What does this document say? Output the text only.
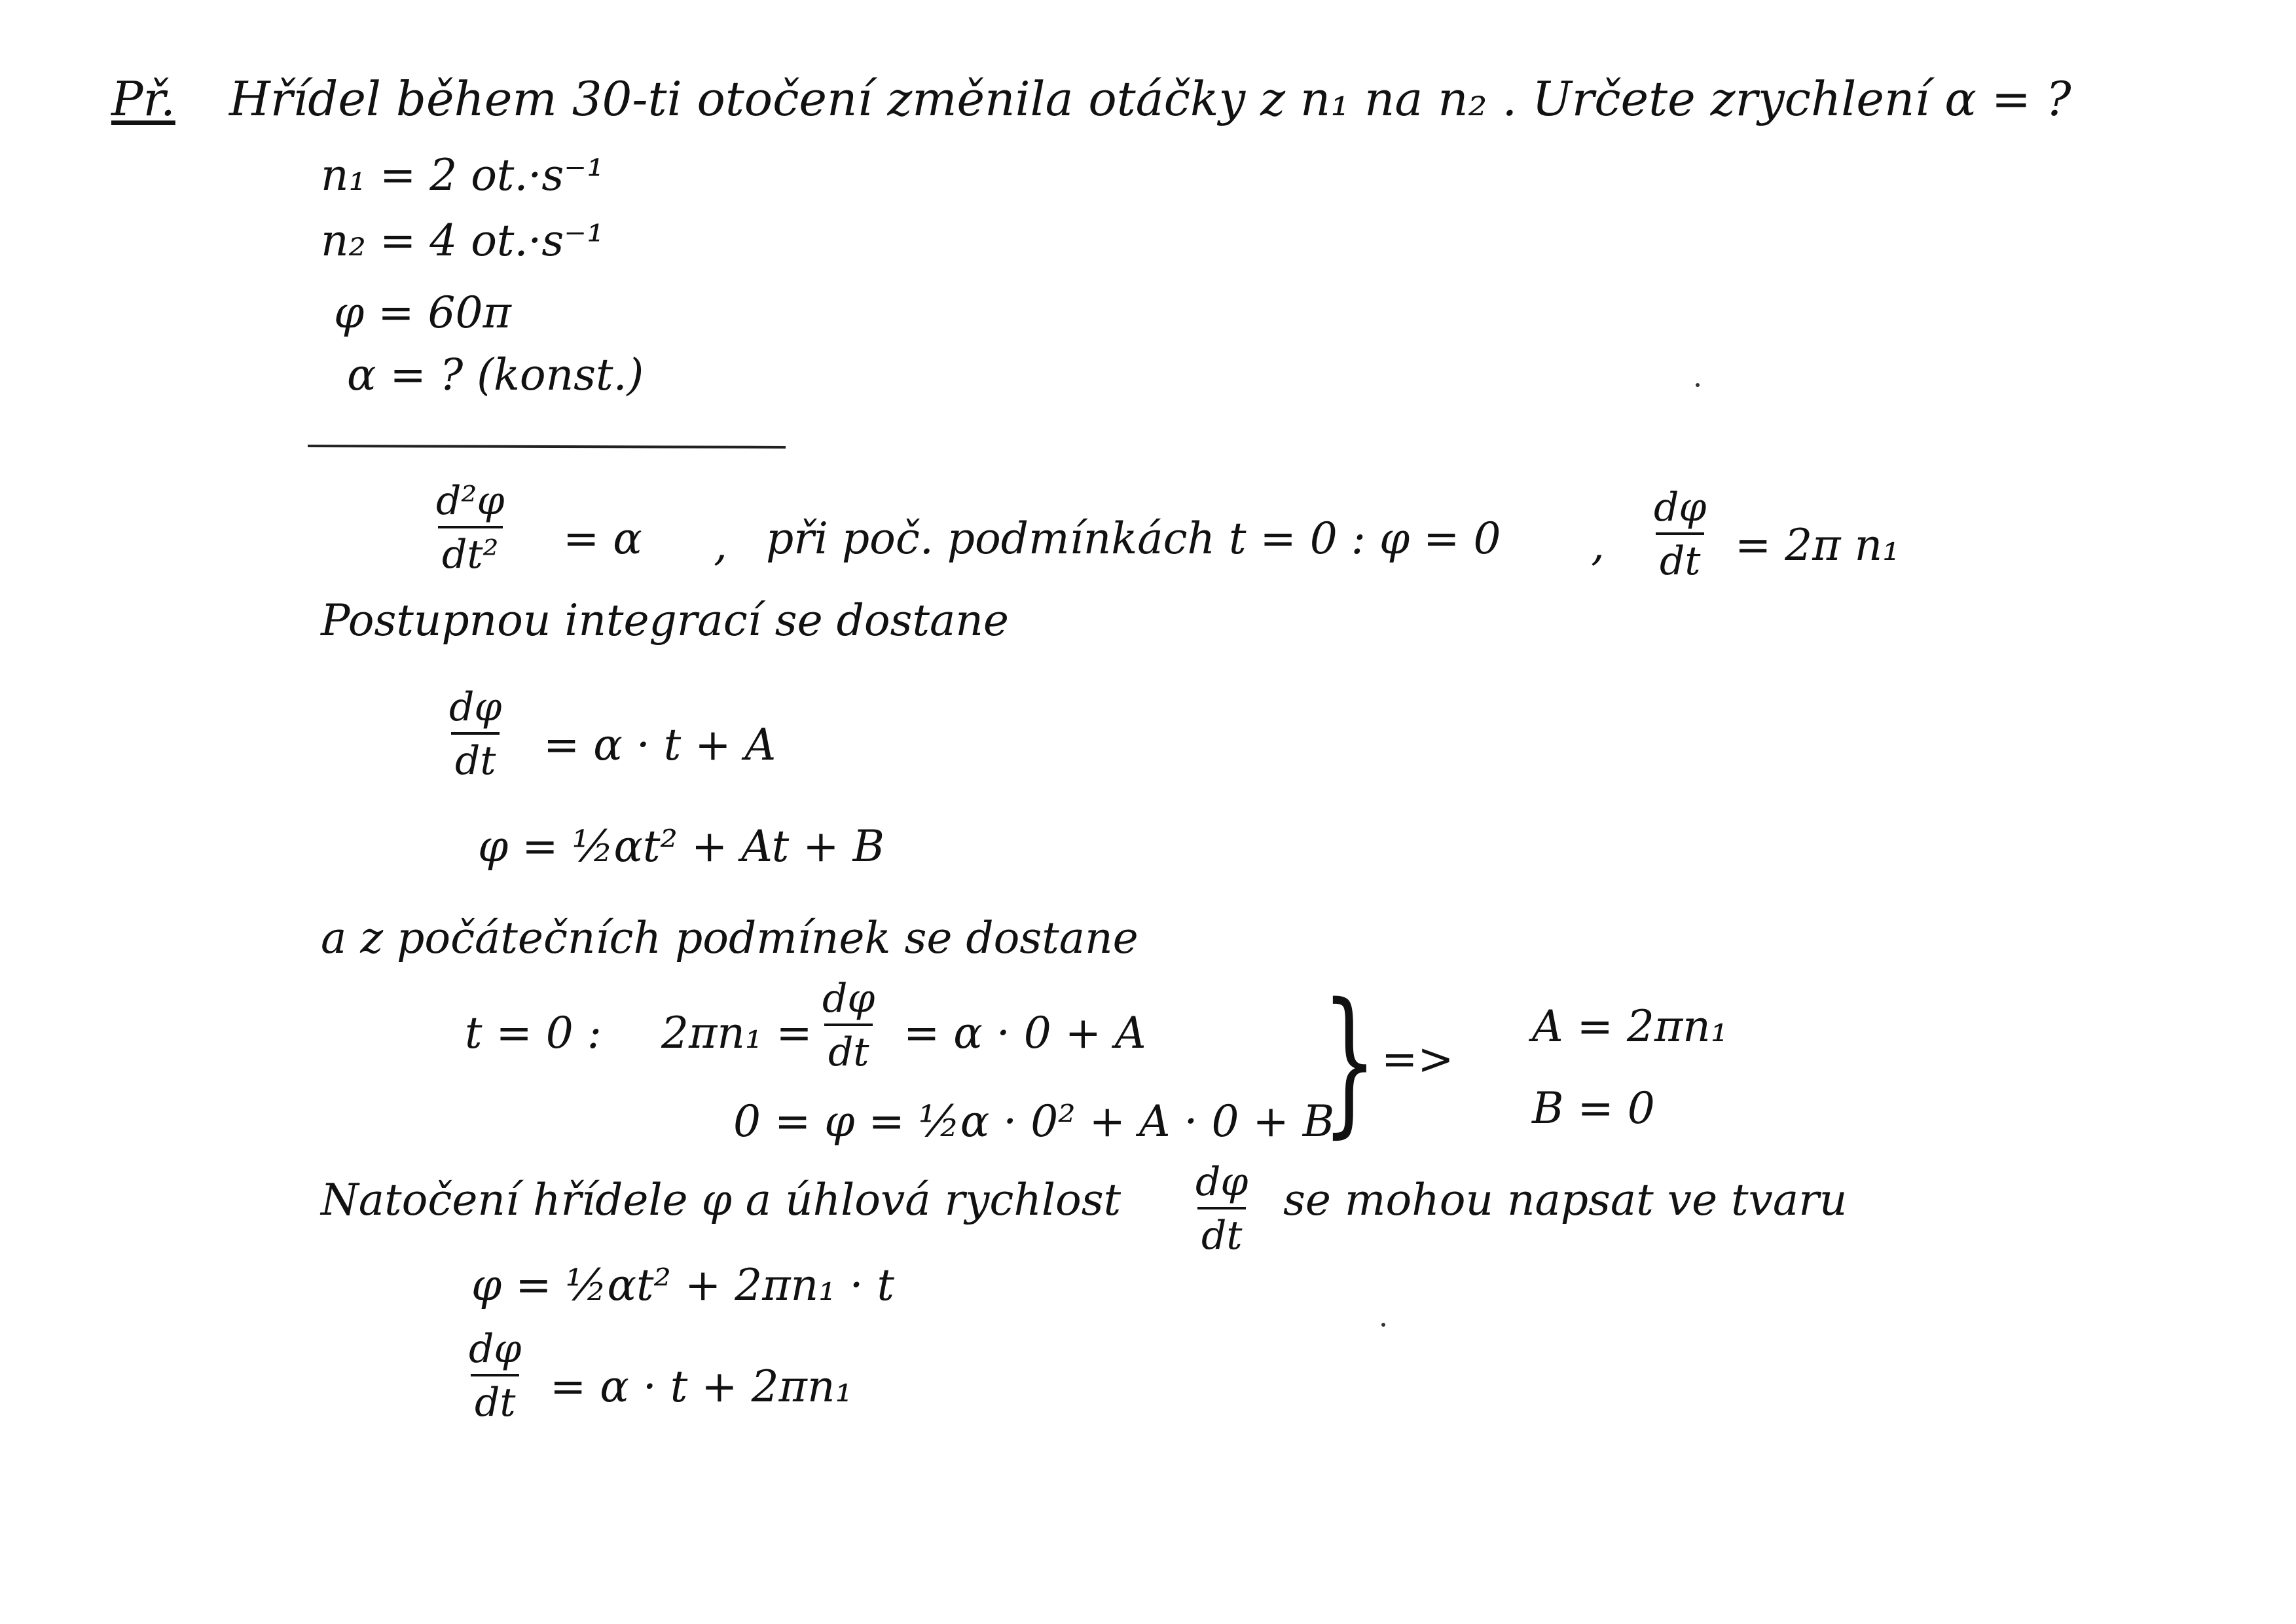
Př. Hřídel během 30-ti otočení změnila otáčky z n₁ na n₂ . Určete zrychlení α = ?
n₁ = 2 ot.·s⁻¹
n₂ = 4 ot.·s⁻¹
φ = 60π
α = ? (konst.)
$\frac{\text{d²φ}}{\text{dt²}} = \alpha$ , při poč. podmínkách t = 0 : φ = 0 , $\frac{d\varphi}{dt} = 2\pi$ n₁
Postupnou integrací se dostane
$\frac{d\varphi}{dt} = \alpha \cdot t + A$
φ = ½αt² + At + B
a z počátečních podmínek se dostane
t = 0 : $2\pi n_1 = \frac{d\varphi}{dt} = \alpha \cdot 0 + A$
0 = φ = ½α · 0² + A · 0 + B
} =>
A = 2πn₁
B = 0
Natočení hřídele φ a úhlová rychlost $\frac{d\varphi}{dt}$ se mohou napsat ve tvaru
φ = ½αt² + 2πn₁ · t
$\frac{d\varphi}{dt} = \alpha \cdot t + 2\pi n_1$
